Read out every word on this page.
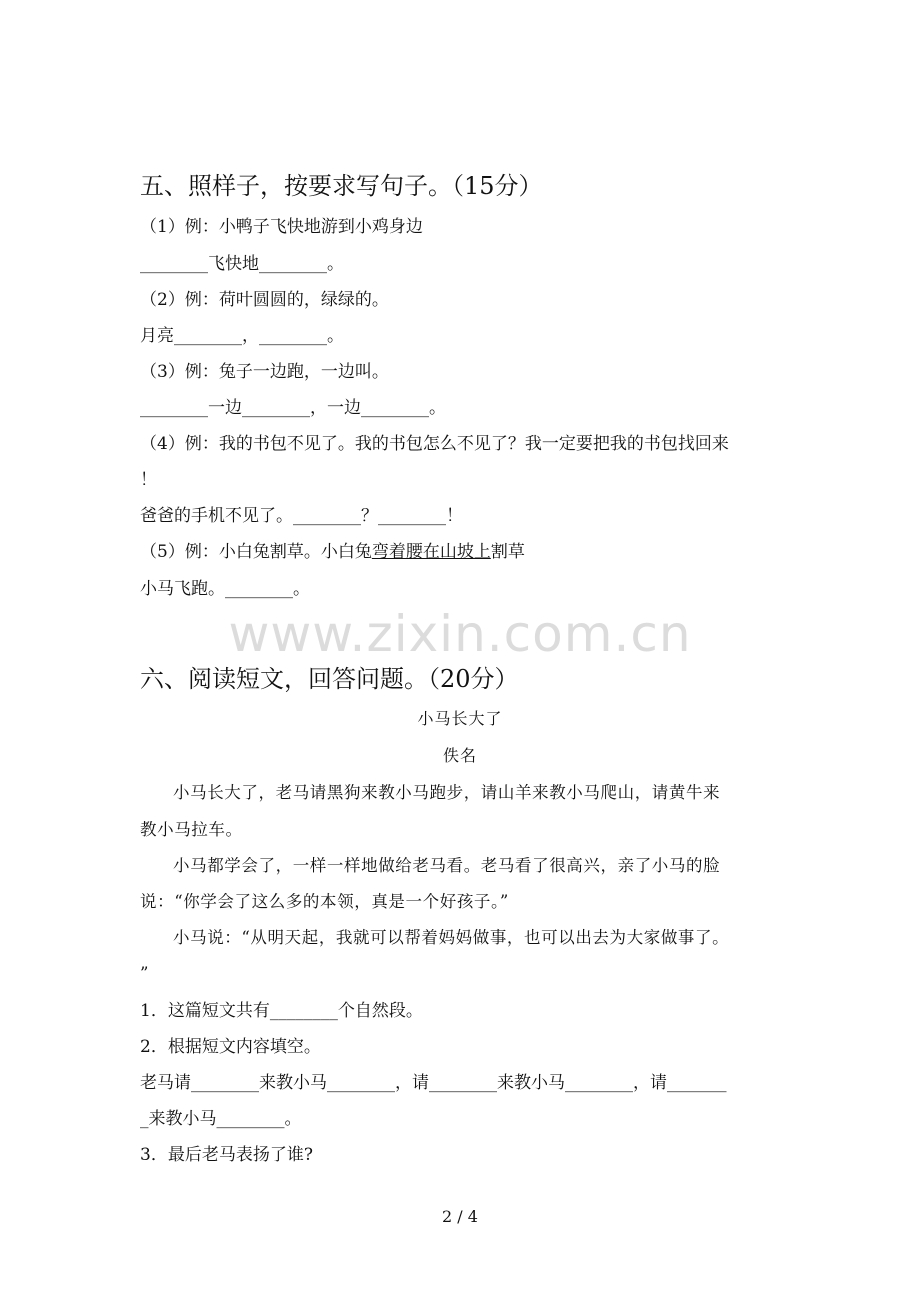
五、照样子，按要求写句子。（15分）
（1）例：小鸭子飞快地游到小鸡身边
________飞快地________。
（2）例：荷叶圆圆的，绿绿的。
月亮________，________。
（3）例：兔子一边跑，一边叫。
________一边________，一边________。
（4）例：我的书包不见了。我的书包怎么不见了？我一定要把我的书包找回来
！
爸爸的手机不见了。________？________！
（5）例：小白兔割草。小白兔弯着腰在山坡上割草
小马飞跑。________。
www.zixin.com.cn
六、阅读短文，回答问题。（20分）
小马长大了
佚名
小马长大了，老马请黑狗来教小马跑步，请山羊来教小马爬山，请黄牛来
教小马拉车。
小马都学会了，一样一样地做给老马看。老马看了很高兴，亲了小马的脸
说：“你学会了这么多的本领，真是一个好孩子。”
小马说：“从明天起，我就可以帮着妈妈做事，也可以出去为大家做事了。
”
1．这篇短文共有________个自然段。
2．根据短文内容填空。
老马请________来教小马________，请________来教小马________，请_______
_来教小马________。
3．最后老马表扬了谁?
2 / 4
